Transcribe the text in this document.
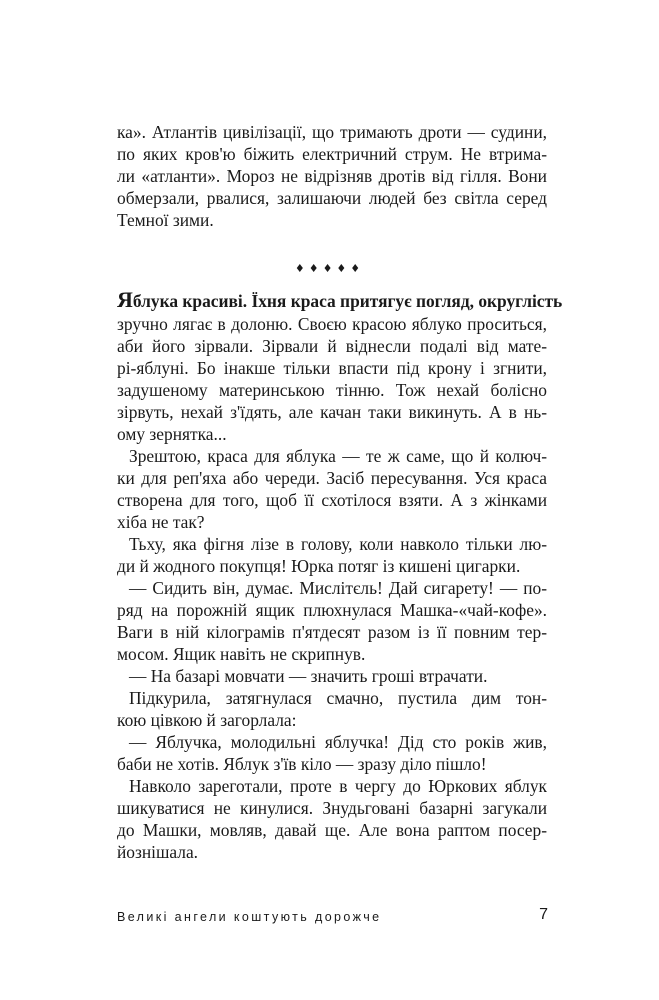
ка». Атлантів цивілізації, що тримають дроти — судини,
по яких кров'ю біжить електричний струм. Не втрима-
ли «атланти». Мороз не відрізняв дротів від гілля. Вони
обмерзали, рвалися, залишаючи людей без світла серед
Темної зими.
♦♦♦♦♦
Яблука красиві. Їхня краса притягує погляд, округлість
зручно лягає в долоню. Своєю красою яблуко проситься,
аби його зірвали. Зірвали й віднесли подалі від мате-
рі-яблуні. Бо інакше тільки впасти під крону і згнити,
задушеному материнською тінню. Тож нехай болісно
зірвуть, нехай з'їдять, але качан таки викинуть. А в нь-
ому зернятка...
Зрештою, краса для яблука — те ж саме, що й колюч-
ки для реп'яха або череди. Засіб пересування. Уся краса
створена для того, щоб її схотілося взяти. А з жінками
хіба не так?
Тьху, яка фігня лізе в голову, коли навколо тільки лю-
ди й жодного покупця! Юрка потяг із кишені цигарки.
— Сидить він, думає. Мислітєль! Дай сигарету! — по-
ряд на порожній ящик плюхнулася Машка-«чай-кофе».
Ваги в ній кілограмів п'ятдесят разом із її повним тер-
мосом. Ящик навіть не скрипнув.
— На базарі мовчати — значить гроші втрачати.
Підкурила, затягнулася смачно, пустила дим тон-
кою цівкою й загорлала:
— Яблучка, молодильні яблучка! Дід сто років жив,
баби не хотів. Яблук з'їв кіло — зразу діло пішло!
Навколо зареготали, проте в чергу до Юркових яблук
шикуватися не кинулися. Знудьговані базарні загукали
до Машки, мовляв, давай ще. Але вона раптом посер-
йознішала.
Великі ангели коштують дорожче	7
